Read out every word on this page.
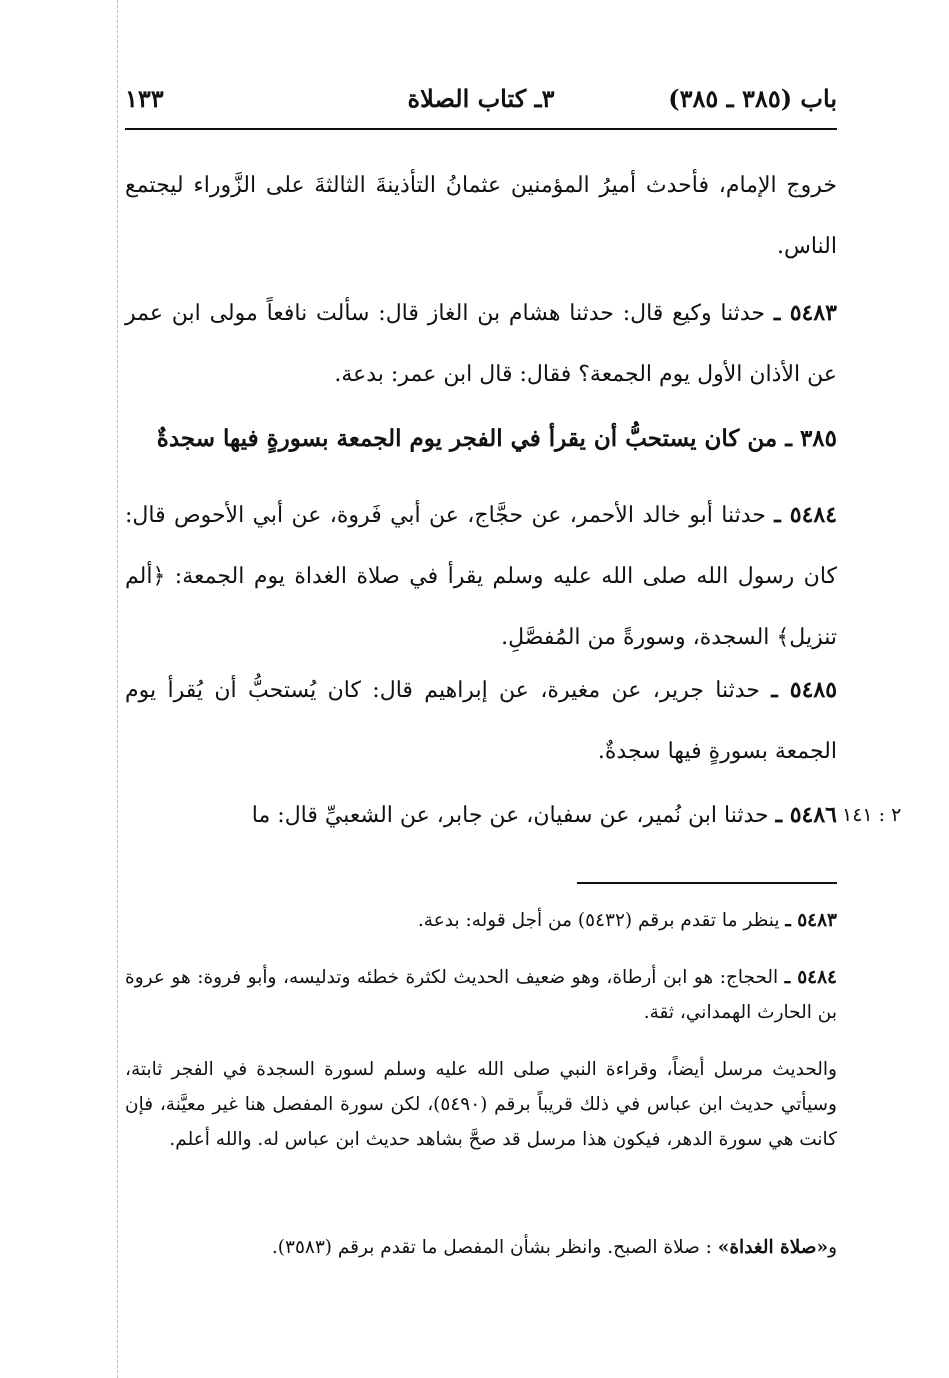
باب (٣٨٥ ـ ٣٨٥)
٣ـ كتاب الصلاة
١٣٣
خروج الإمام، فأحدث أميرُ المؤمنين عثمانُ التأذينةَ الثالثةَ على الزَّوراء ليجتمع الناس.
٥٤٨٣ ـ حدثنا وكيع قال: حدثنا هشام بن الغاز قال: سألت نافعاً مولى ابن عمر عن الأذان الأول يوم الجمعة؟ فقال: قال ابن عمر: بدعة.
٣٨٥ ـ من كان يستحبُّ أن يقرأ في الفجر يوم الجمعة بسورةٍ فيها سجدةٌ
٥٤٨٤ ـ حدثنا أبو خالد الأحمر، عن حجَّاج، عن أبي فَروة، عن أبي الأحوص قال: كان رسول الله صلى الله عليه وسلم يقرأ في صلاة الغداة يوم الجمعة: ﴿ألم تنزيل﴾ السجدة، وسورةً من المُفصَّلِ.
٥٤٨٥ ـ حدثنا جرير، عن مغيرة، عن إبراهيم قال: كان يُستحبُّ أن يُقرأ يوم الجمعة بسورةٍ فيها سجدةٌ.
٥٤٨٦ ـ حدثنا ابن نُمير، عن سفيان، عن جابر، عن الشعبيِّ قال: ما	٢ : ١٤١
٥٤٨٣ ـ ينظر ما تقدم برقم (٥٤٣٢) من أجل قوله: بدعة.
٥٤٨٤ ـ الحجاج: هو ابن أرطاة، وهو ضعيف الحديث لكثرة خطئه وتدليسه، وأبو فروة: هو عروة بن الحارث الهمداني، ثقة.
والحديث مرسل أيضاً، وقراءة النبي صلى الله عليه وسلم لسورة السجدة في الفجر ثابتة، وسيأتي حديث ابن عباس في ذلك قريباً برقم (٥٤٩٠)، لكن سورة المفصل هنا غير معيَّنة، فإن كانت هي سورة الدهر، فيكون هذا مرسل قد صحَّ بشاهد حديث ابن عباس له. والله أعلم.
و«صلاة الغداة» : صلاة الصبح. وانظر بشأن المفصل ما تقدم برقم (٣٥٨٣).
